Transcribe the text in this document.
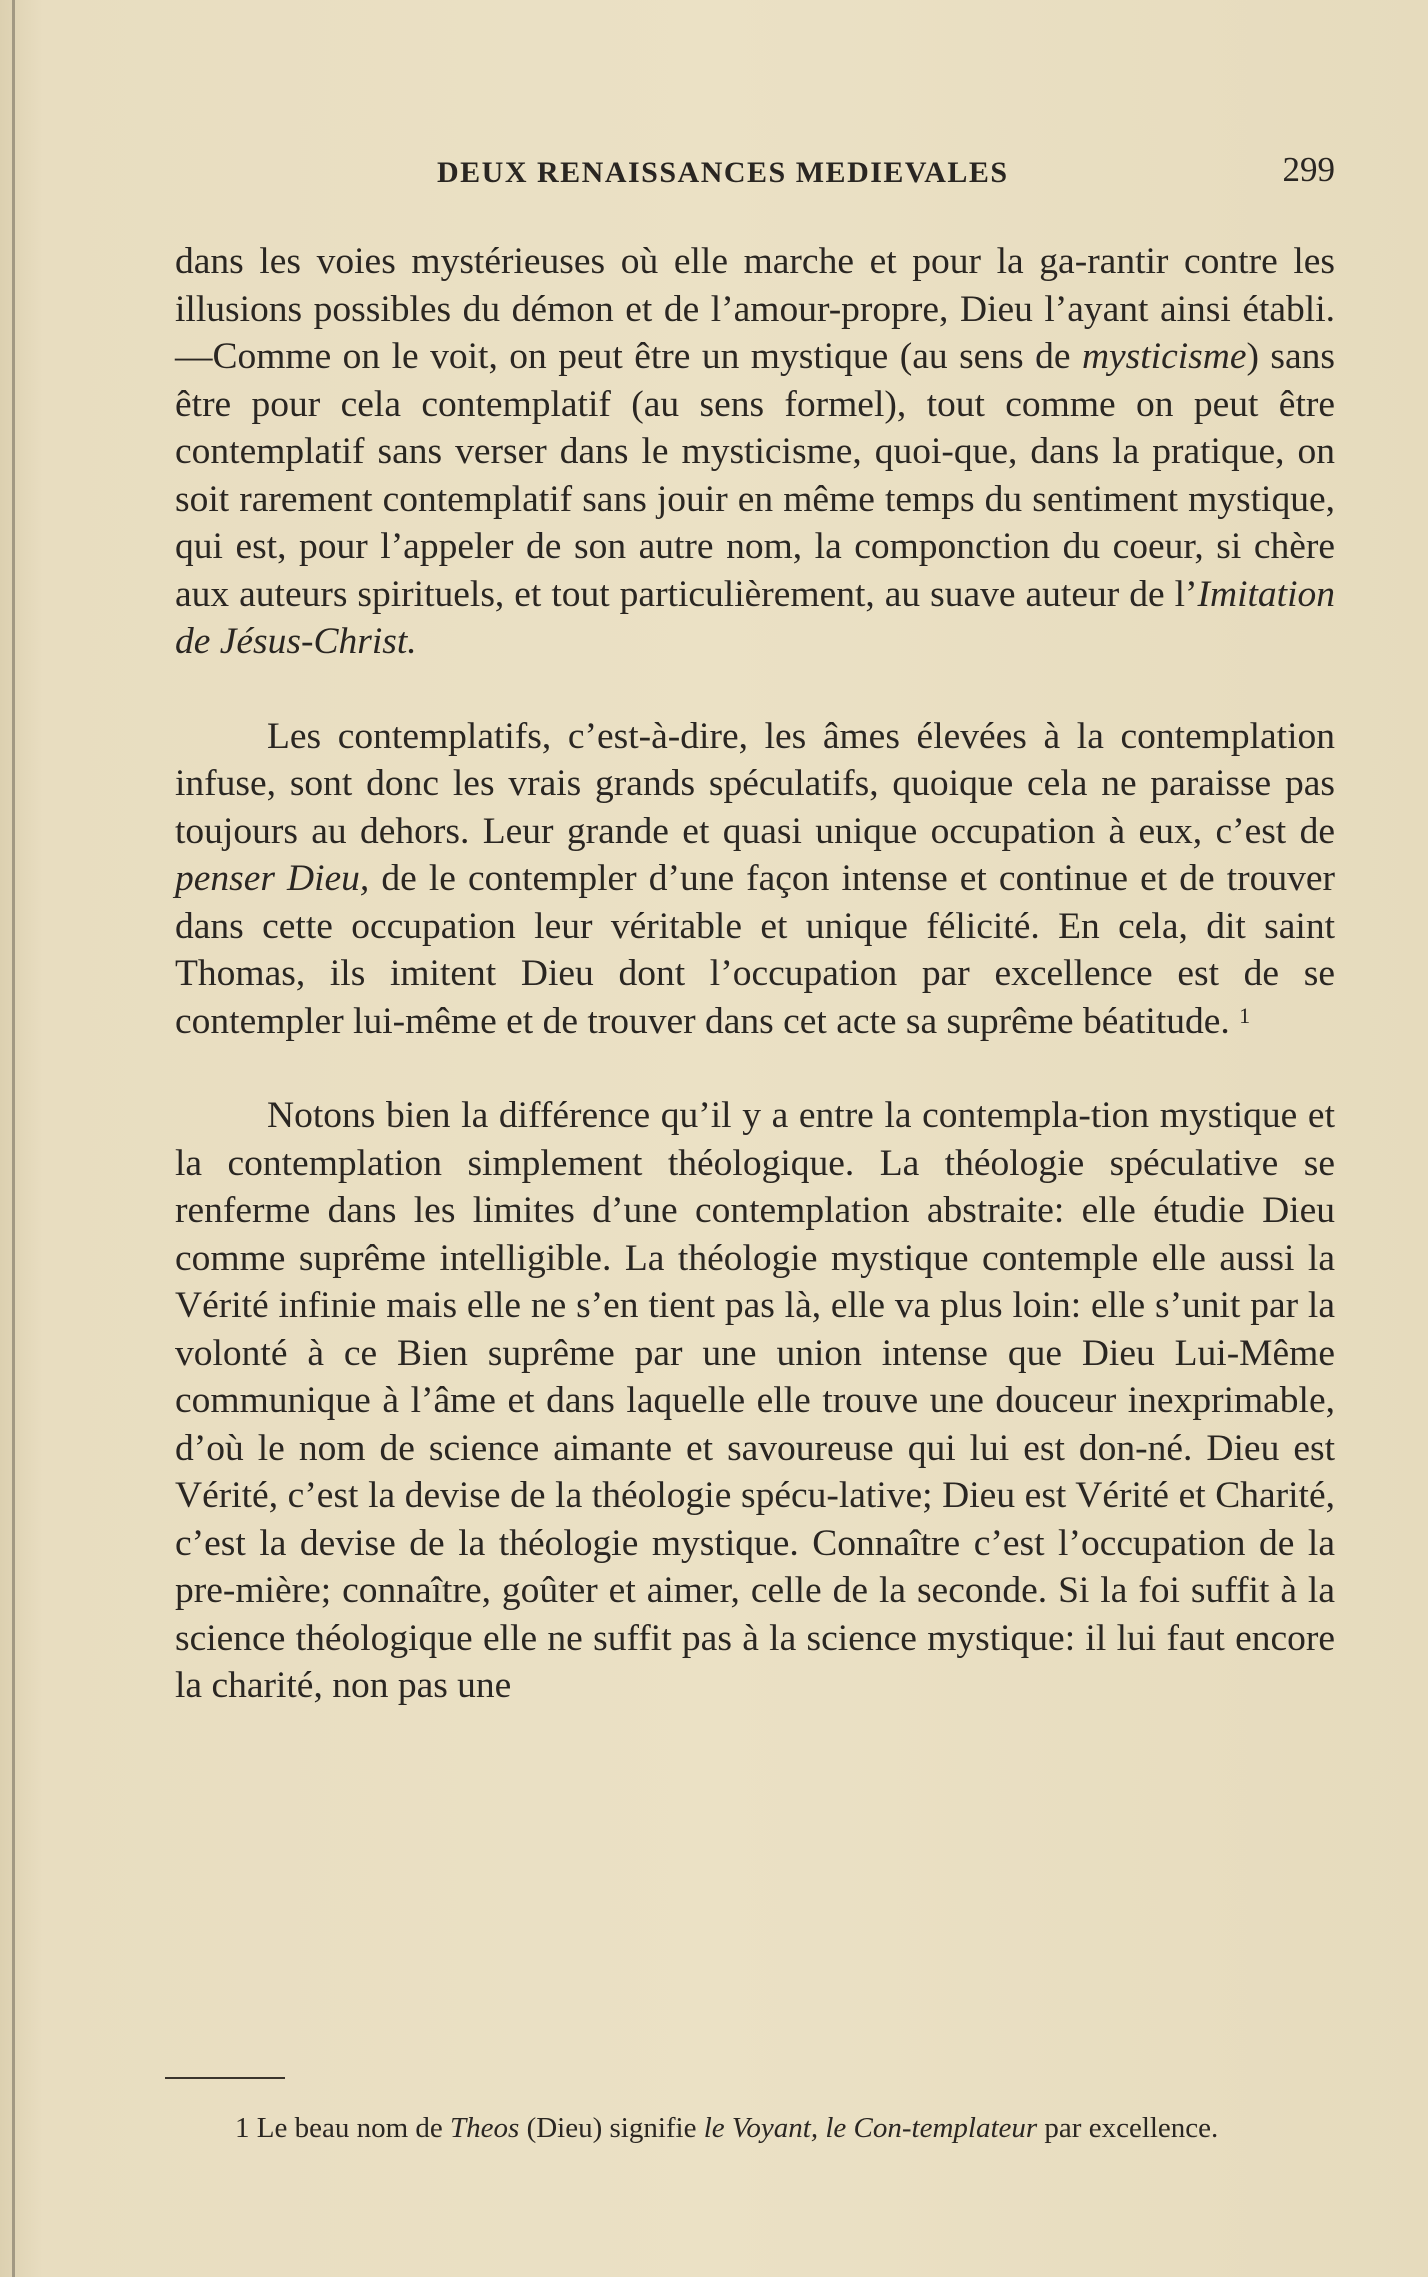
DEUX RENAISSANCES MEDIEVALES	299

dans les voies mystérieuses où elle marche et pour la ga-rantir contre les illusions possibles du démon et de l’amour-propre, Dieu l’ayant ainsi établi.—Comme on le voit, on peut être un mystique (au sens de mysticisme) sans être pour cela contemplatif (au sens formel), tout comme on peut être contemplatif sans verser dans le mysticisme, quoi-que, dans la pratique, on soit rarement contemplatif sans jouir en même temps du sentiment mystique, qui est, pour l’appeler de son autre nom, la componction du coeur, si chère aux auteurs spirituels, et tout particulièrement, au suave auteur de l’Imitation de Jésus-Christ.

Les contemplatifs, c’est-à-dire, les âmes élevées à la contemplation infuse, sont donc les vrais grands spéculatifs, quoique cela ne paraisse pas toujours au dehors. Leur grande et quasi unique occupation à eux, c’est de penser Dieu, de le contempler d’une façon intense et continue et de trouver dans cette occupation leur véritable et unique félicité. En cela, dit saint Thomas, ils imitent Dieu dont l’occupation par excellence est de se contempler lui-même et de trouver dans cet acte sa suprême béatitude. $^1$

Notons bien la différence qu’il y a entre la contempla-tion mystique et la contemplation simplement théologique. La théologie spéculative se renferme dans les limites d’une contemplation abstraite: elle étudie Dieu comme suprême intelligible. La théologie mystique contemple elle aussi la Vérité infinie mais elle ne s’en tient pas là, elle va plus loin: elle s’unit par la volonté à ce Bien suprême par une union intense que Dieu Lui-Même communique à l’âme et dans laquelle elle trouve une douceur inexprimable, d’où le nom de science aimante et savoureuse qui lui est don-né. Dieu est Vérité, c’est la devise de la théologie spécu-lative; Dieu est Vérité et Charité, c’est la devise de la théologie mystique. Connaître c’est l’occupation de la pre-mière; connaître, goûter et aimer, celle de la seconde. Si la foi suffit à la science théologique elle ne suffit pas à la science mystique: il lui faut encore la charité, non pas une

1 Le beau nom de Theos (Dieu) signifie le Voyant, le Con-templateur par excellence.
